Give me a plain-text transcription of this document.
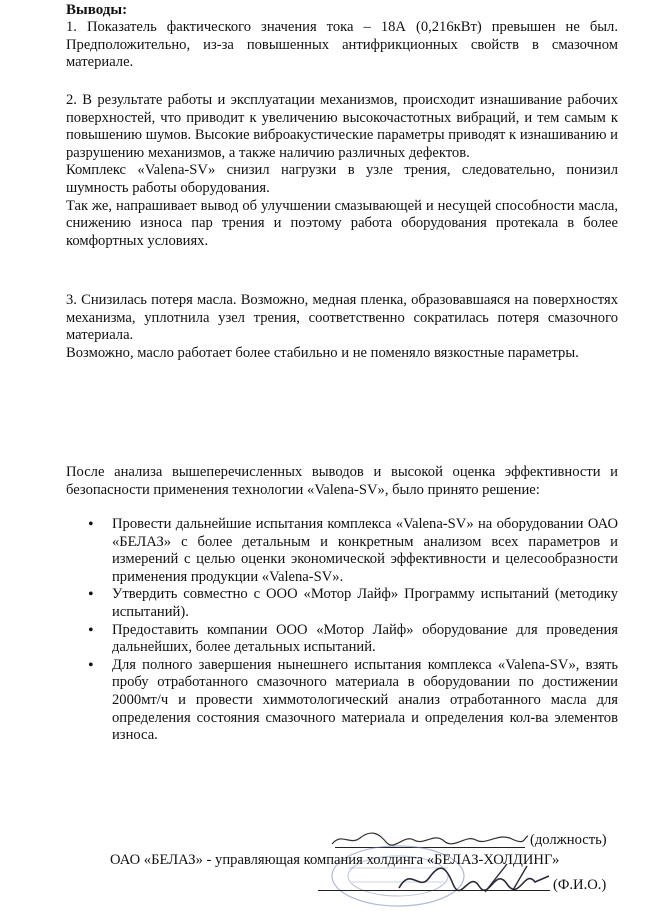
Выводы:

1. Показатель фактического значения тока – 18А (0,216кВт) превышен не был. Предположительно, из-за повышенных антифрикционных свойств в смазочном материале.

2. В результате работы и эксплуатации механизмов, происходит изнашивание рабочих поверхностей, что приводит к увеличению высокочастотных вибраций, и тем самым к повышению шумов. Высокие виброакустические параметры приводят к изнашиванию и разрушению механизмов, а также наличию различных дефектов.

Комплекс «Valena-SV» снизил нагрузки в узле трения, следовательно, понизил шумность работы оборудования.

Так же, напрашивает вывод об улучшении смазывающей и несущей способности масла, снижению износа пар трения и поэтому работа оборудования протекала в более комфортных условиях.

3. Снизилась потеря масла. Возможно, медная пленка, образовавшаяся на поверхностях механизма, уплотнила узел трения, соответственно сократилась потеря смазочного материала.

Возможно, масло работает более стабильно и не поменяло вязкостные параметры.

После анализа вышеперечисленных выводов и высокой оценка эффективности и безопасности применения технологии «Valena-SV», было принято решение:

• Провести дальнейшие испытания комплекса «Valena-SV» на оборудовании ОАО «БЕЛАЗ» с более детальным и конкретным анализом всех параметров и измерений с целью оценки экономической эффективности и целесообразности применения продукции «Valena-SV».
• Утвердить совместно с ООО «Мотор Лайф» Программу испытаний (методику испытаний).
• Предоставить компании ООО «Мотор Лайф» оборудование для проведения дальнейших, более детальных испытаний.
• Для полного завершения нынешнего испытания комплекса «Valena-SV», взять пробу отработанного смазочного материала в оборудовании по достижении 2000мт/ч и провести химмотологический анализ отработанного масла для определения состояния смазочного материала и определения кол-ва элементов износа.
(должность)
ОАО «БЕЛАЗ» - управляющая компания холдинга «БЕЛАЗ-ХОЛДИНГ»
(Ф.И.О.)
